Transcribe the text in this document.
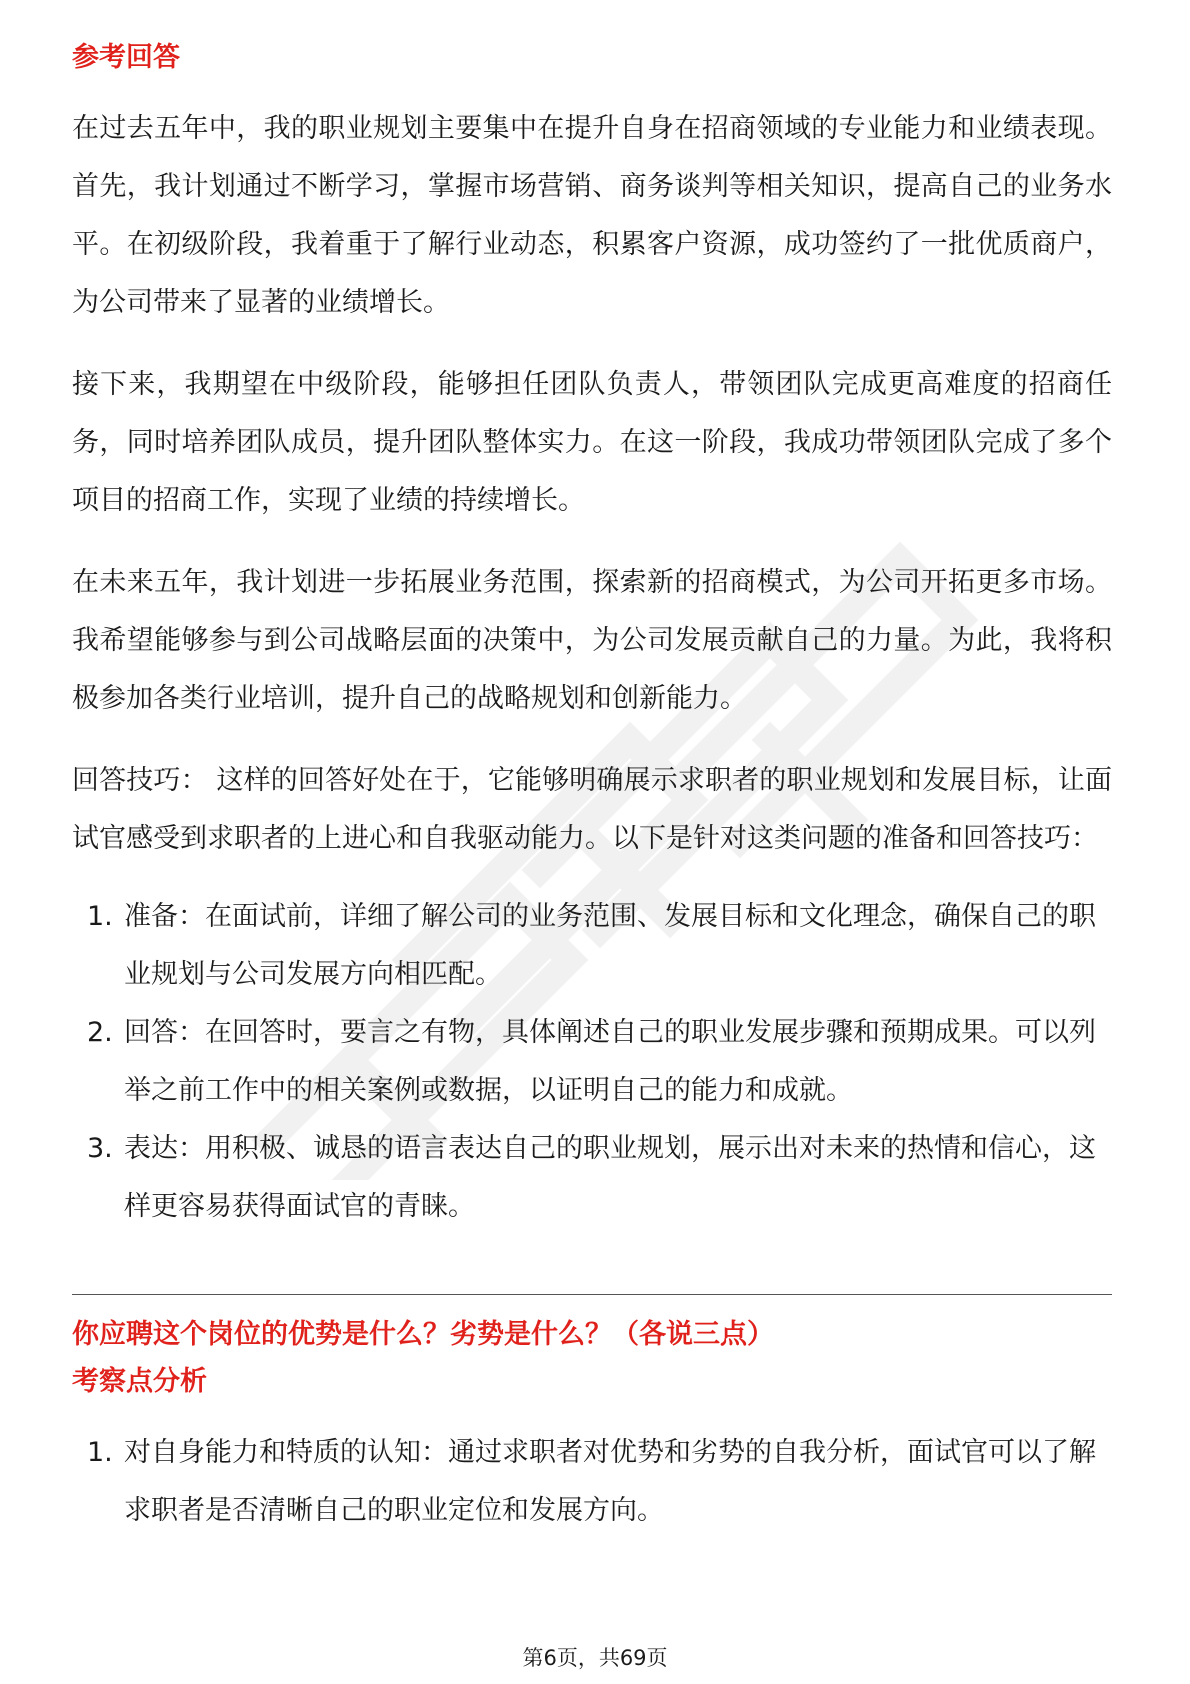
参考回答

在过去五年中，我的职业规划主要集中在提升自身在招商领域的专业能力和业绩表现。首先，我计划通过不断学习，掌握市场营销、商务谈判等相关知识，提高自己的业务水平。在初级阶段，我着重于了解行业动态，积累客户资源，成功签约了一批优质商户，为公司带来了显著的业绩增长。

接下来，我期望在中级阶段，能够担任团队负责人，带领团队完成更高难度的招商任务，同时培养团队成员，提升团队整体实力。在这一阶段，我成功带领团队完成了多个项目的招商工作，实现了业绩的持续增长。

在未来五年，我计划进一步拓展业务范围，探索新的招商模式，为公司开拓更多市场。我希望能够参与到公司战略层面的决策中，为公司发展贡献自己的力量。为此，我将积极参加各类行业培训，提升自己的战略规划和创新能力。

回答技巧： 这样的回答好处在于，它能够明确展示求职者的职业规划和发展目标，让面试官感受到求职者的上进心和自我驱动能力。以下是针对这类问题的准备和回答技巧：

1. 准备：在面试前，详细了解公司的业务范围、发展目标和文化理念，确保自己的职业规划与公司发展方向相匹配。
2. 回答：在回答时，要言之有物，具体阐述自己的职业发展步骤和预期成果。可以列举之前工作中的相关案例或数据，以证明自己的能力和成就。
3. 表达：用积极、诚恳的语言表达自己的职业规划，展示出对未来的热情和信心，这样更容易获得面试官的青睐。
你应聘这个岗位的优势是什么？劣势是什么？（各说三点）
考察点分析
1. 对自身能力和特质的认知：通过求职者对优势和劣势的自我分析，面试官可以了解求职者是否清晰自己的职业定位和发展方向。
第6页，共69页
